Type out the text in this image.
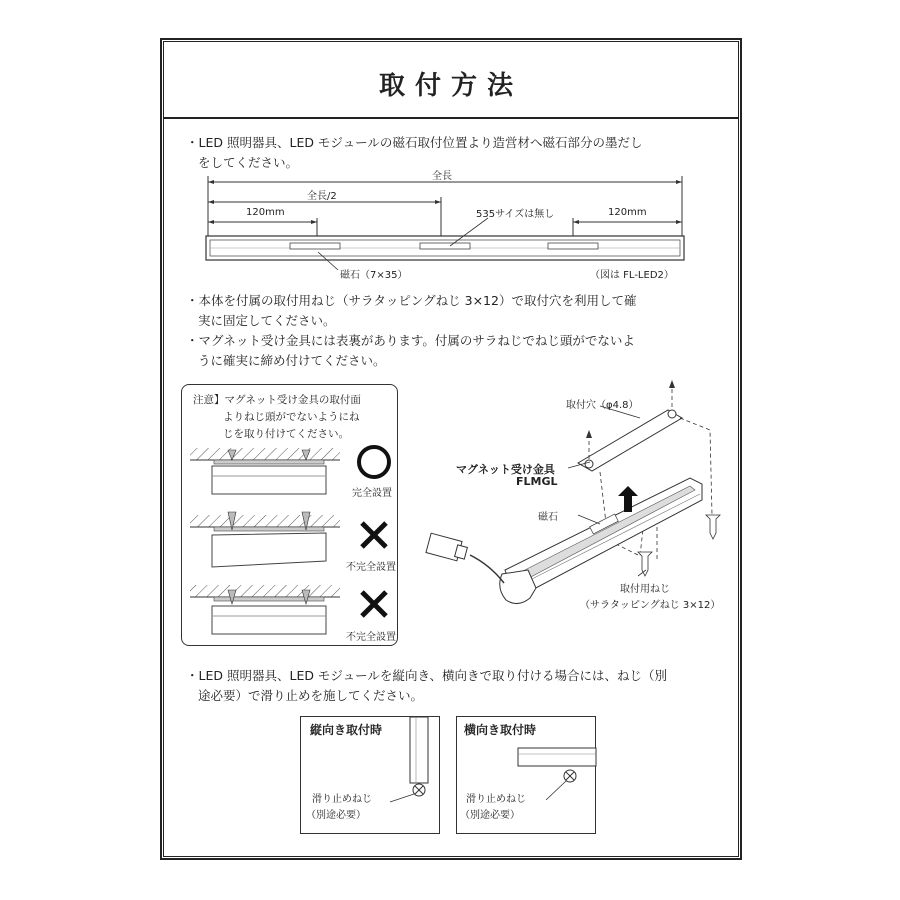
取付方法
・LED 照明器具、LED モジュールの磁石取付位置より造営材へ磁石部分の墨だし
をしてください。
全長
全長/2
120mm	120mm
535サイズは無し
磁石（7×35）	（図は FL-LED2）
・本体を付属の取付用ねじ（サラタッピングねじ 3×12）で取付穴を利用して確
実に固定してください。
・マグネット受け金具には表裏があります。付属のサラねじでねじ頭がでないよ
うに確実に締め付けてください。
注意】マグネット受け金具の取付面
よりねじ頭がでないようにね
じを取り付けてください。
完全設置
不完全設置
不完全設置
取付穴（φ4.8）
マグネット受け金具
FLMGL
磁石
取付用ねじ
（サラタッピングねじ 3×12）
・LED 照明器具、LED モジュールを縦向き、横向きで取り付ける場合には、ねじ（別
途必要）で滑り止めを施してください。
縦向き取付時	横向き取付時
滑り止めねじ
（別途必要）
滑り止めねじ
（別途必要）
